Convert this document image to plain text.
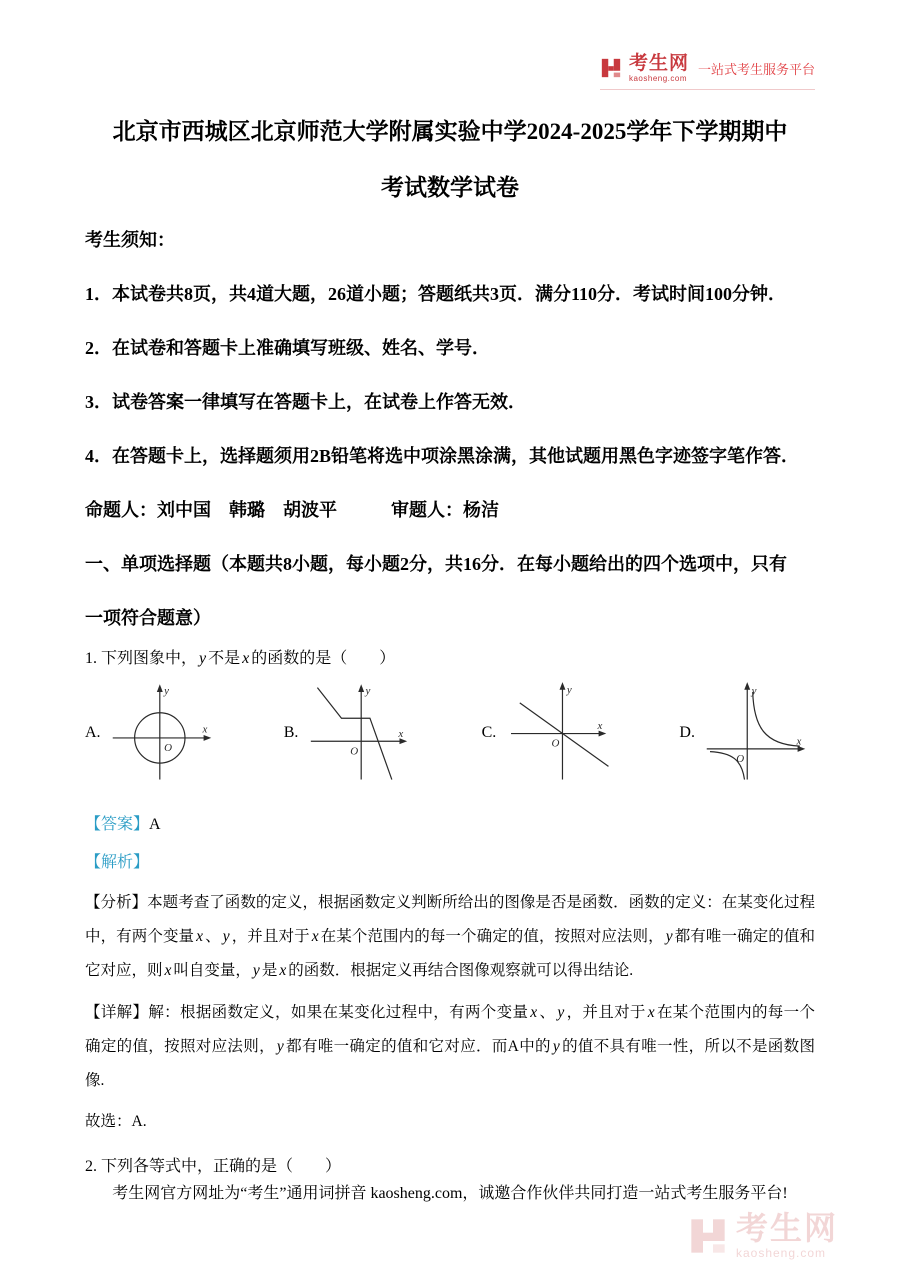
考生网
kaosheng.com
一站式考生服务平台
北京市西城区北京师范大学附属实验中学2024-2025学年下学期期中
考试数学试卷
考生须知：
1．本试卷共8页，共4道大题，26道小题；答题纸共3页．满分110分．考试时间100分钟．
2．在试卷和答题卡上准确填写班级、姓名、学号．
3．试卷答案一律填写在答题卡上，在试卷上作答无效．
4．在答题卡上，选择题须用2B铅笔将选中项涂黑涂满，其他试题用黑色字迹签字笔作答．
命题人：刘中国　韩璐　胡波平　　　审题人：杨洁
一、单项选择题（本题共8小题，每小题2分，共16分．在每小题给出的四个选项中，只有
一项符合题意）
1. 下列图象中， y 不是 x 的函数的是（　　）
A.
O
y
x	B.
O
y
x	C.
O
y
x	D.
O
y
x
【答案】A
【解析】

【分析】本题考查了函数的定义，根据函数定义判断所给出的图像是否是函数．函数的定义：在某变化过程中，有两个变量 x 、 y ，并且对于 x 在某个范围内的每一个确定的值，按照对应法则， y 都有唯一确定的值和它对应，则 x 叫自变量， y 是 x 的函数．根据定义再结合图像观察就可以得出结论.

【详解】解：根据函数定义，如果在某变化过程中，有两个变量 x 、 y ，并且对于 x 在某个范围内的每一个确定的值，按照对应法则， y 都有唯一确定的值和它对应．而A中的 y 的值不具有唯一性，所以不是函数图像.

故选：A.
2. 下列各等式中，正确的是（　　）
考生网官方网址为“考生”通用词拼音 kaosheng.com，诚邀合作伙伴共同打造一站式考生服务平台!
考生网
kaosheng.com
